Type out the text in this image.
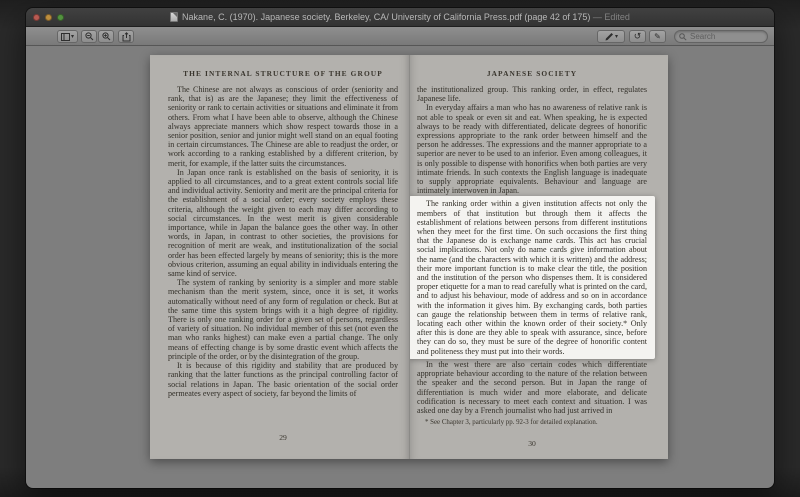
Nakane, C. (1970). Japanese society. Berkeley, CA/ University of California Press.pdf (page 42 of 175) — Edited
▾	▾ ↺ ✎
Search
THE INTERNAL STRUCTURE OF THE GROUP

The Chinese are not always as conscious of order (seniority and rank, that is) as are the Japanese; they limit the effectiveness of seniority or rank to certain activities or situations and eliminate it from others. From what I have been able to observe, although the Chinese always appreciate manners which show respect towards those in a senior position, senior and junior might well stand on an equal footing in certain circumstances. The Chinese are able to readjust the order, or work according to a ranking established by a different criterion, by merit, for example, if the latter suits the circumstances.

In Japan once rank is established on the basis of seniority, it is applied to all circumstances, and to a great extent controls social life and individual activity. Seniority and merit are the principal criteria for the establishment of a social order; every society employs these criteria, although the weight given to each may differ according to social circumstances. In the west merit is given considerable importance, while in Japan the balance goes the other way. In other words, in Japan, in contrast to other societies, the provisions for recognition of merit are weak, and institutionalization of the social order has been effected largely by means of seniority; this is the more obvious criterion, assuming an equal ability in individuals entering the same kind of service.

The system of ranking by seniority is a simpler and more stable mechanism than the merit system, since, once it is set, it works automatically without need of any form of regulation or check. But at the same time this system brings with it a high degree of rigidity. There is only one ranking order for a given set of persons, regardless of variety of situation. No individual member of this set (not even the man who ranks highest) can make even a partial change. The only means of effecting change is by some drastic event which affects the principle of the order, or by the disintegration of the group.

It is because of this rigidity and stability that are produced by ranking that the latter functions as the principal controlling factor of social relations in Japan. The basic orientation of the social order permeates every aspect of society, far beyond the limits of

29
JAPANESE SOCIETY

the institutionalized group. This ranking order, in effect, regulates Japanese life.

In everyday affairs a man who has no awareness of relative rank is not able to speak or even sit and eat. When speaking, he is expected always to be ready with differentiated, delicate degrees of honorific expressions appropriate to the rank order between himself and the person he addresses. The expressions and the manner appropriate to a superior are never to be used to an inferior. Even among colleagues, it is only possible to dispense with honorifics when both parties are very intimate friends. In such contexts the English language is inadequate to supply appropriate equivalents. Behaviour and language are intimately interwoven in Japan.

The ranking order within a given institution affects not only the members of that institution but through them it affects the establishment of relations between persons from different institutions when they meet for the first time. On such occasions the first thing that the Japanese do is exchange name cards. This act has crucial social implications. Not only do name cards give information about the name (and the characters with which it is written) and the address; their more important function is to make clear the title, the position and the institution of the person who dispenses them. It is considered proper etiquette for a man to read carefully what is printed on the card, and to adjust his behaviour, mode of address and so on in accordance with the information it gives him. By exchanging cards, both parties can gauge the relationship between them in terms of relative rank, locating each other within the known order of their society.* Only after this is done are they able to speak with assurance, since, before they can do so, they must be sure of the degree of honorific content and politeness they must put into their words.

In the west there are also certain codes which differentiate appropriate behaviour according to the nature of the relation between the speaker and the second person. But in Japan the range of differentiation is much wider and more elaborate, and delicate codification is necessary to meet each context and situation. I was asked one day by a French journalist who had just arrived in

* See Chapter 3, particularly pp. 92-3 for detailed explanation.
30
